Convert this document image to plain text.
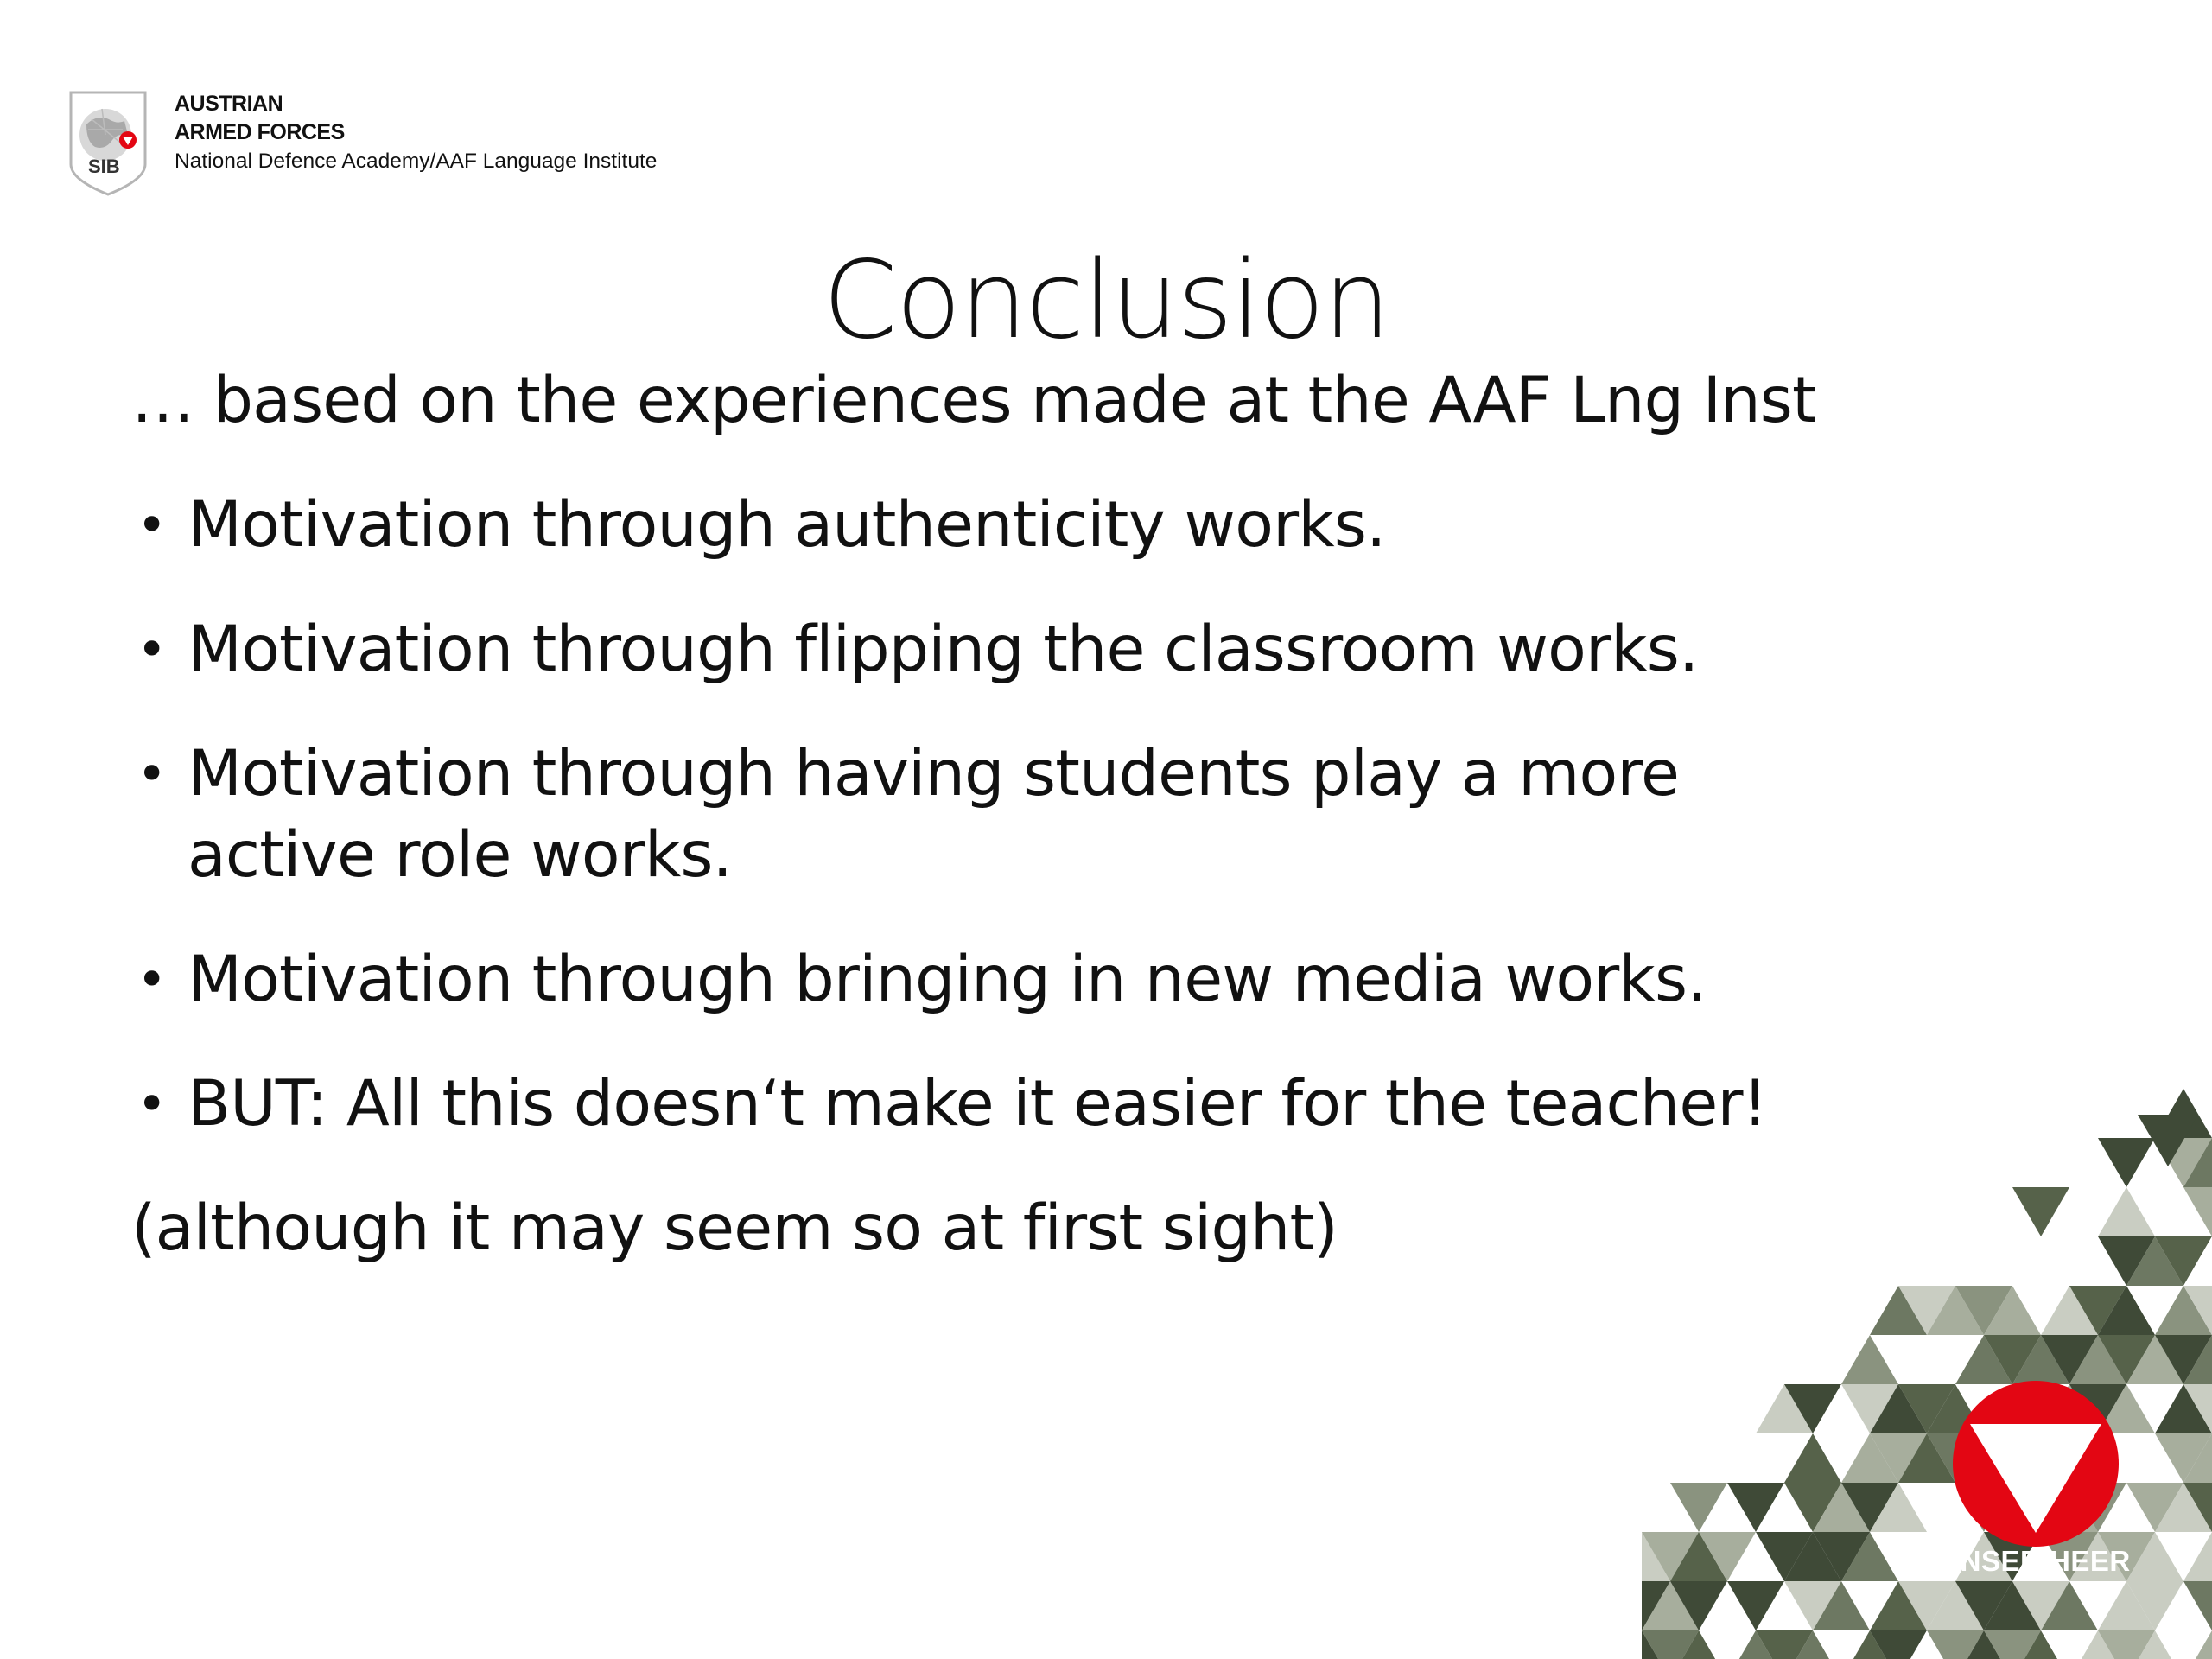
SIB
AUSTRIAN
ARMED FORCES
National Defence Academy/AAF Language Institute
Conclusion

… based on the experiences made at the AAF Lng Inst

• Motivation through authenticity works.
• Motivation through flipping the classroom works.
• Motivation through having students play a more
active role works.
• Motivation through bringing in new media works.
• BUT: All this doesn‘t make it easier for the teacher!

(although it may seem so at first sight)

UNSER HEER
